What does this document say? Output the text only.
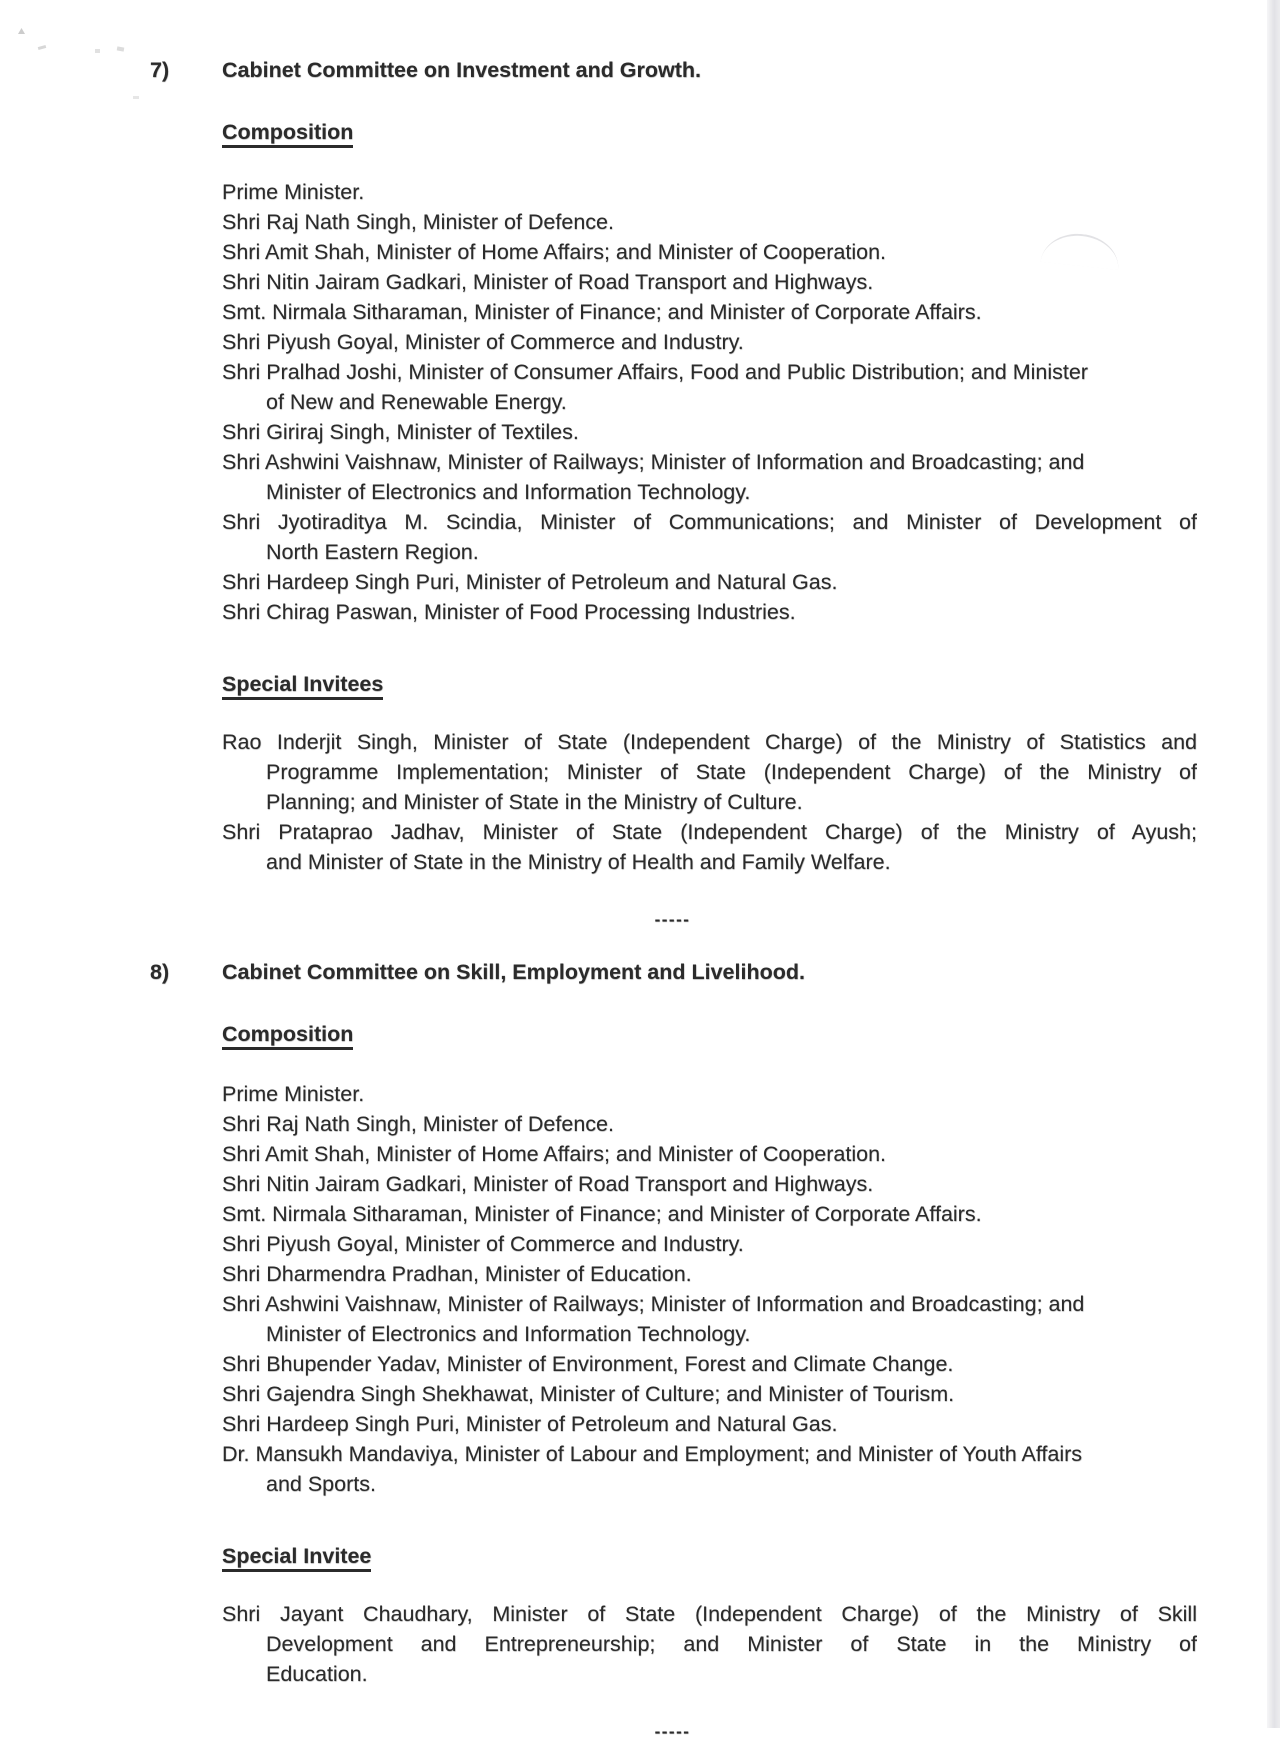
7)	Cabinet Committee on Investment and Growth.
Composition
Prime Minister.
Shri Raj Nath Singh, Minister of Defence.
Shri Amit Shah, Minister of Home Affairs; and Minister of Cooperation.
Shri Nitin Jairam Gadkari, Minister of Road Transport and Highways.
Smt. Nirmala Sitharaman, Minister of Finance; and Minister of Corporate Affairs.
Shri Piyush Goyal, Minister of Commerce and Industry.
Shri Pralhad Joshi, Minister of Consumer Affairs, Food and Public Distribution; and Minister
of New and Renewable Energy.
Shri Giriraj Singh, Minister of Textiles.
Shri Ashwini Vaishnaw, Minister of Railways; Minister of Information and Broadcasting; and
Minister of Electronics and Information Technology.
Shri Jyotiraditya M. Scindia, Minister of Communications; and Minister of Development of
North Eastern Region.
Shri Hardeep Singh Puri, Minister of Petroleum and Natural Gas.
Shri Chirag Paswan, Minister of Food Processing Industries.
Special Invitees
Rao Inderjit Singh, Minister of State (Independent Charge) of the Ministry of Statistics and
Programme Implementation; Minister of State (Independent Charge) of the Ministry of
Planning; and Minister of State in the Ministry of Culture.
Shri Prataprao Jadhav, Minister of State (Independent Charge) of the Ministry of Ayush;
and Minister of State in the Ministry of Health and Family Welfare.
-----
8)	Cabinet Committee on Skill, Employment and Livelihood.
Composition
Prime Minister.
Shri Raj Nath Singh, Minister of Defence.
Shri Amit Shah, Minister of Home Affairs; and Minister of Cooperation.
Shri Nitin Jairam Gadkari, Minister of Road Transport and Highways.
Smt. Nirmala Sitharaman, Minister of Finance; and Minister of Corporate Affairs.
Shri Piyush Goyal, Minister of Commerce and Industry.
Shri Dharmendra Pradhan, Minister of Education.
Shri Ashwini Vaishnaw, Minister of Railways; Minister of Information and Broadcasting; and
Minister of Electronics and Information Technology.
Shri Bhupender Yadav, Minister of Environment, Forest and Climate Change.
Shri Gajendra Singh Shekhawat, Minister of Culture; and Minister of Tourism.
Shri Hardeep Singh Puri, Minister of Petroleum and Natural Gas.
Dr. Mansukh Mandaviya, Minister of Labour and Employment; and Minister of Youth Affairs
and Sports.
Special Invitee
Shri Jayant Chaudhary, Minister of State (Independent Charge) of the Ministry of Skill
Development and Entrepreneurship; and Minister of State in the Ministry of
Education.
-----
